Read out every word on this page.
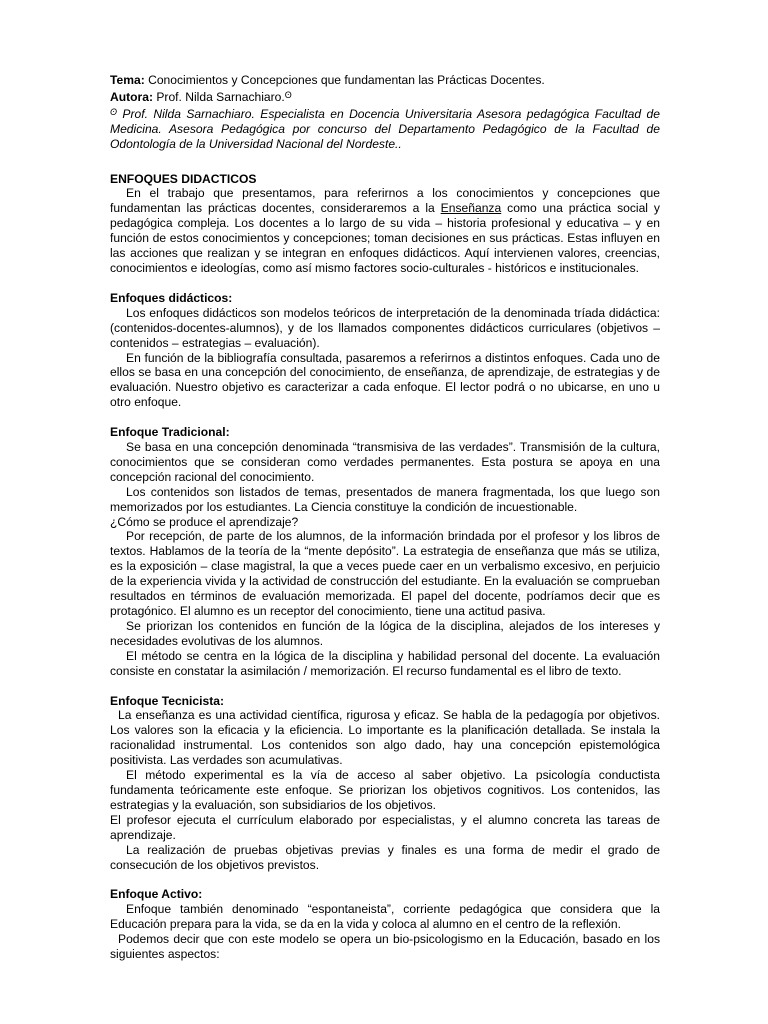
Tema: Conocimientos y Concepciones que fundamentan las Prácticas Docentes.

Autora: Prof. Nilda Sarnachiaro.$^ʘ$

$^ʘ$ Prof. Nilda Sarnachiaro. Especialista en Docencia Universitaria Asesora pedagógica Facultad de Medicina. Asesora Pedagógica por concurso del Departamento Pedagógico de la Facultad de Odontología de la Universidad Nacional del Nordeste..

ENFOQUES DIDACTICOS

En el trabajo que presentamos, para referirnos a los conocimientos y concepciones que fundamentan las prácticas docentes, consideraremos a la Enseñanza como una práctica social y pedagógica compleja. Los docentes a lo largo de su vida – historia profesional y educativa – y en función de estos conocimientos y concepciones; toman decisiones en sus prácticas. Estas influyen en las acciones que realizan y se integran en enfoques didácticos. Aquí intervienen valores, creencias, conocimientos e ideologías, como así mismo factores socio-culturales - históricos e institucionales.

Enfoques didácticos:

Los enfoques didácticos son modelos teóricos de interpretación de la denominada tríada didáctica: (contenidos-docentes-alumnos), y de los llamados componentes didácticos curriculares (objetivos – contenidos – estrategias – evaluación).

En función de la bibliografía consultada, pasaremos a referirnos a distintos enfoques. Cada uno de ellos se basa en una concepción del conocimiento, de enseñanza, de aprendizaje, de estrategias y de evaluación. Nuestro objetivo es caracterizar a cada enfoque. El lector podrá o no ubicarse, en uno u otro enfoque.

Enfoque Tradicional:

Se basa en una concepción denominada “transmisiva de las verdades”. Transmisión de la cultura, conocimientos que se consideran como verdades permanentes. Esta postura se apoya en una concepción racional del conocimiento.

Los contenidos son listados de temas, presentados de manera fragmentada, los que luego son memorizados por los estudiantes. La Ciencia constituye la condición de incuestionable.

¿Cómo se produce el aprendizaje?

Por recepción, de parte de los alumnos, de la información brindada por el profesor y los libros de textos. Hablamos de la teoría de la “mente depósito”. La estrategia de enseñanza que más se utiliza, es la exposición – clase magistral, la que a veces puede caer en un verbalismo excesivo, en perjuicio de la experiencia vivida y la actividad de construcción del estudiante. En la evaluación se comprueban resultados en términos de evaluación memorizada. El papel del docente, podríamos decir que es protagónico. El alumno es un receptor del conocimiento, tiene una actitud pasiva.

Se priorizan los contenidos en función de la lógica de la disciplina, alejados de los intereses y necesidades evolutivas de los alumnos.

El método se centra en la lógica de la disciplina y habilidad personal del docente. La evaluación consiste en constatar la asimilación / memorización. El recurso fundamental es el libro de texto.

Enfoque Tecnicista:

La enseñanza es una actividad científica, rigurosa y eficaz. Se habla de la pedagogía por objetivos. Los valores son la eficacia y la eficiencia. Lo importante es la planificación detallada. Se instala la racionalidad instrumental. Los contenidos son algo dado, hay una concepción epistemológica positivista. Las verdades son acumulativas.

El método experimental es la vía de acceso al saber objetivo. La psicología conductista fundamenta teóricamente este enfoque. Se priorizan los objetivos cognitivos. Los contenidos, las estrategias y la evaluación, son subsidiarios de los objetivos.

El profesor ejecuta el currículum elaborado por especialistas, y el alumno concreta las tareas de aprendizaje.

La realización de pruebas objetivas previas y finales es una forma de medir el grado de consecución de los objetivos previstos.

Enfoque Activo:

Enfoque también denominado “espontaneista”, corriente pedagógica que considera que la Educación prepara para la vida, se da en la vida y coloca al alumno en el centro de la reflexión.

Podemos decir que con este modelo se opera un bio-psicologismo en la Educación, basado en los siguientes aspectos:
